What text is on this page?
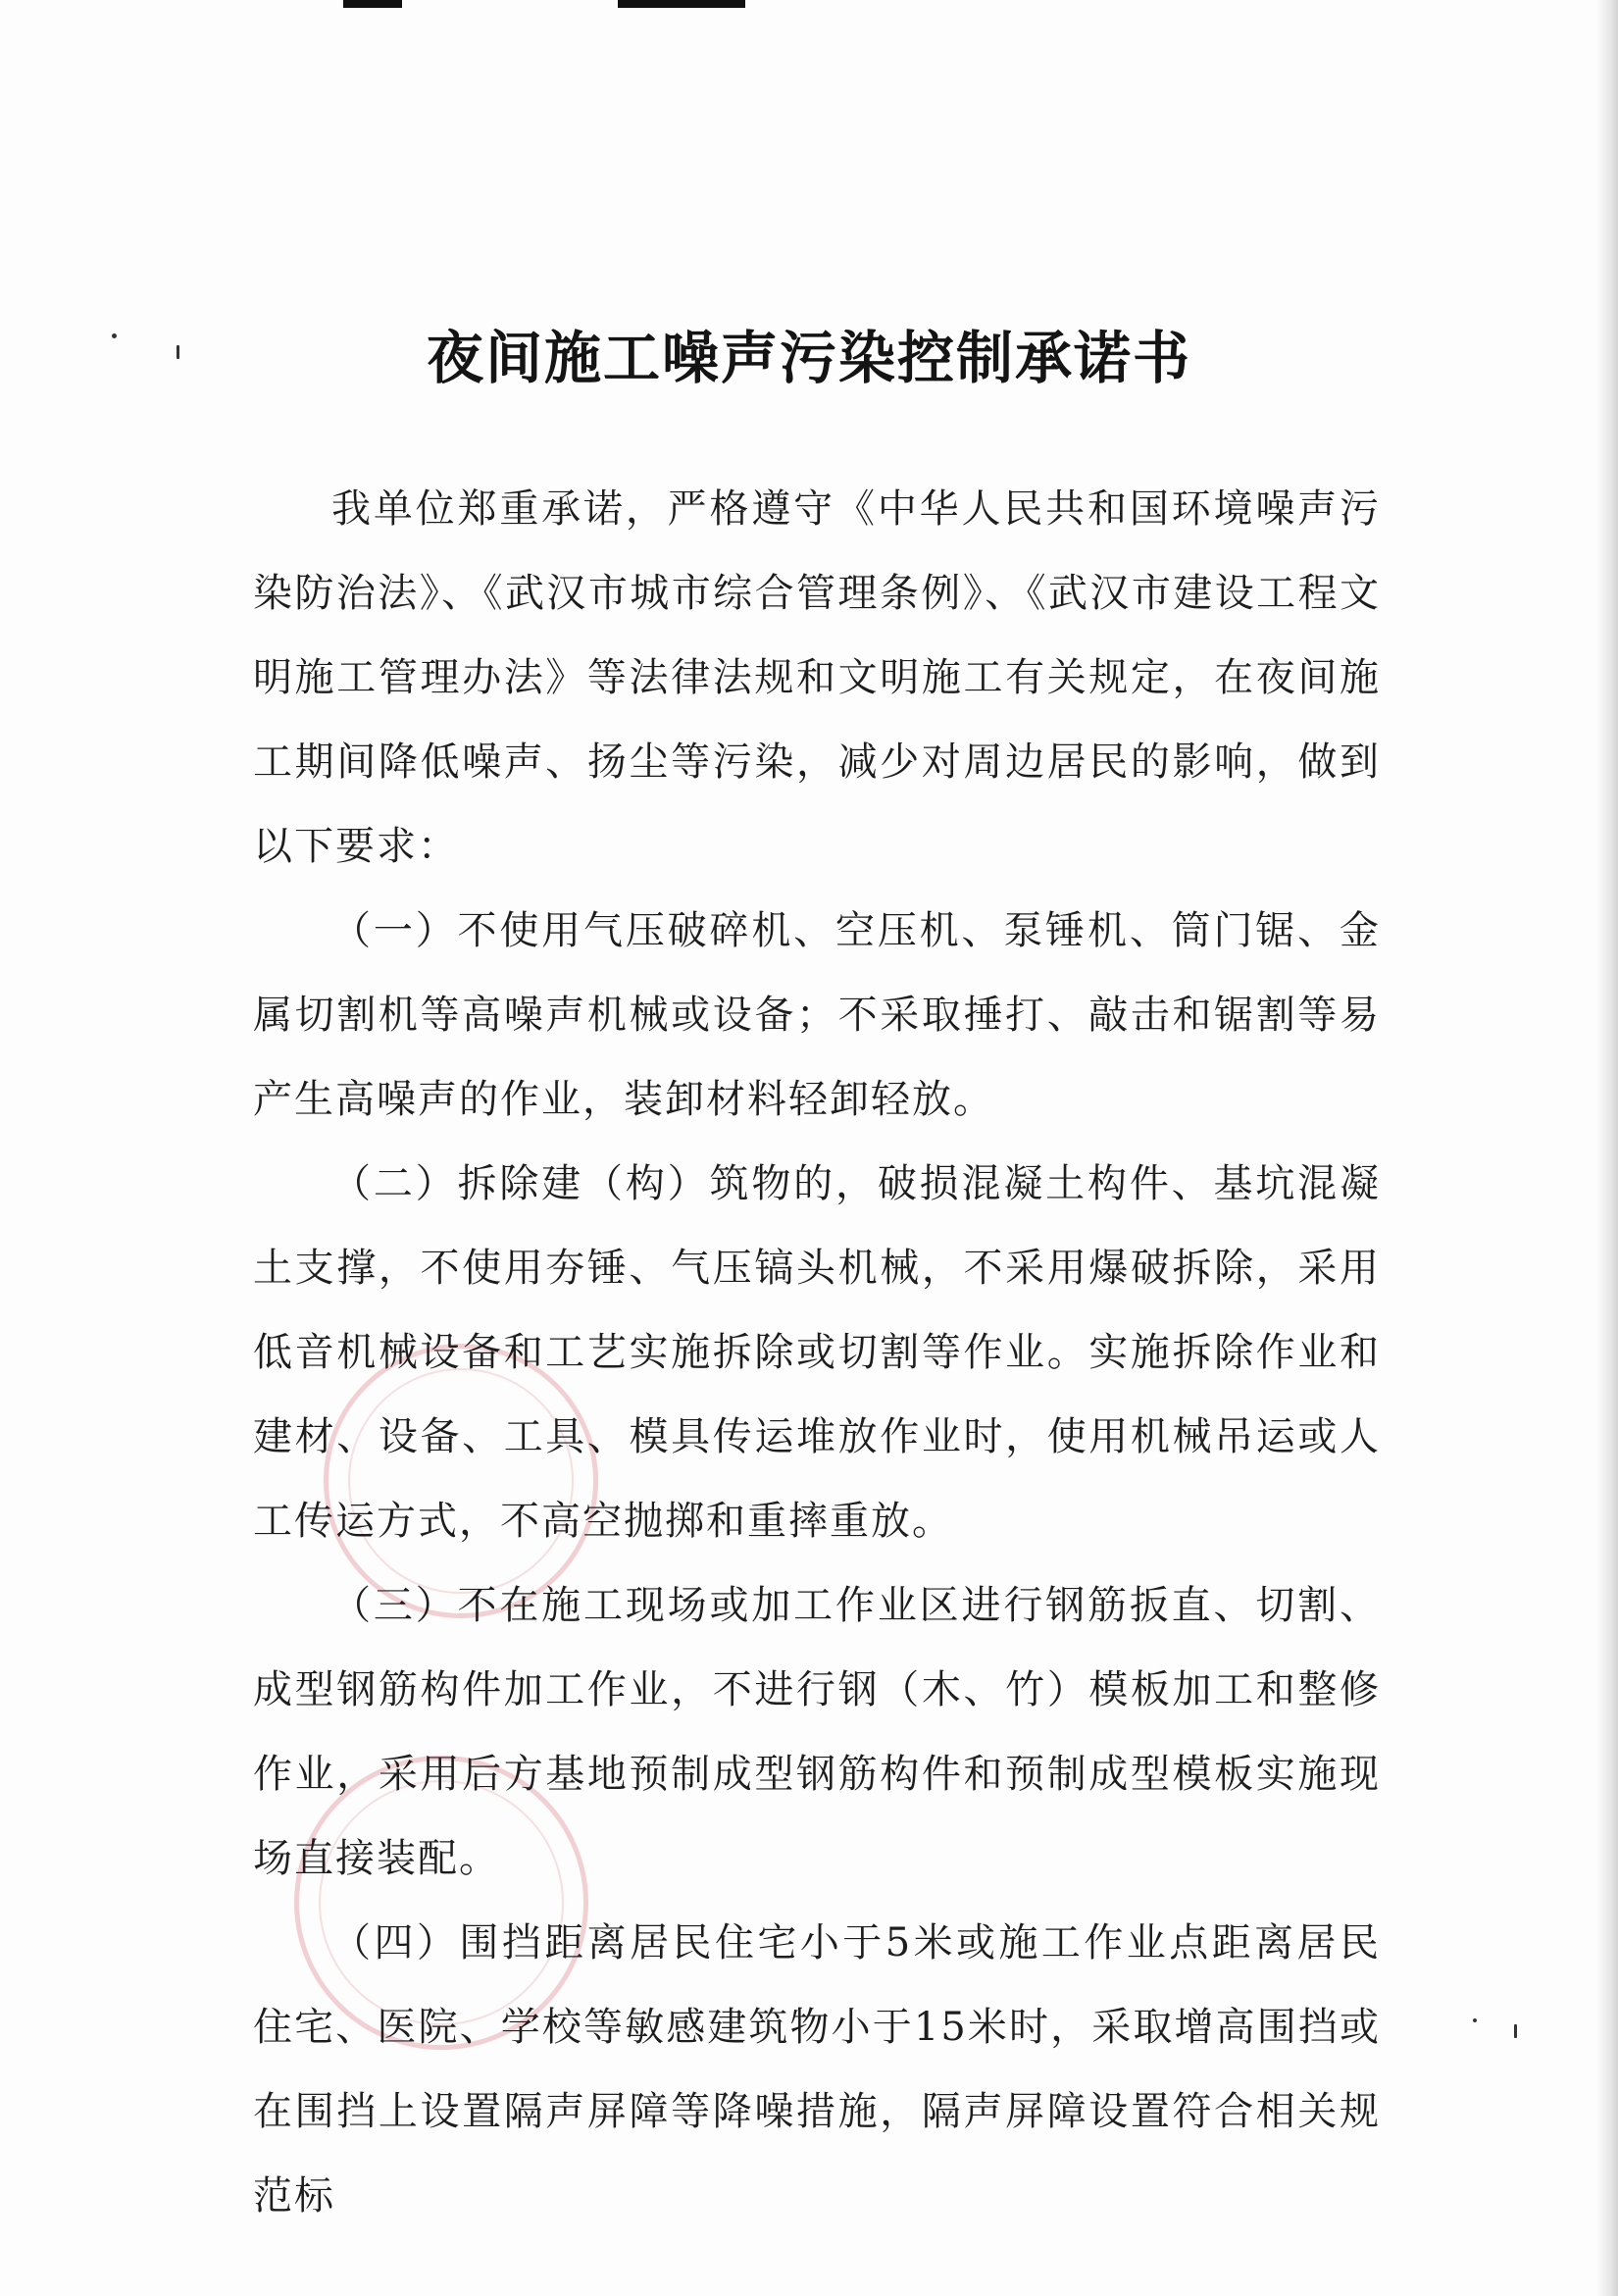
夜间施工噪声污染控制承诺书

我单位郑重承诺，严格遵守《中华人民共和国环境噪声污染防治法》、《武汉市城市综合管理条例》、《武汉市建设工程文明施工管理办法》等法律法规和文明施工有关规定，在夜间施工期间降低噪声、扬尘等污染，减少对周边居民的影响，做到以下要求：

（一）不使用气压破碎机、空压机、泵锤机、筒门锯、金属切割机等高噪声机械或设备；不采取捶打、敲击和锯割等易产生高噪声的作业，装卸材料轻卸轻放。

（二）拆除建（构）筑物的，破损混凝土构件、基坑混凝土支撑，不使用夯锤、气压镐头机械，不采用爆破拆除，采用低音机械设备和工艺实施拆除或切割等作业。实施拆除作业和建材、设备、工具、模具传运堆放作业时，使用机械吊运或人工传运方式，不高空抛掷和重摔重放。

（三）不在施工现场或加工作业区进行钢筋扳直、切割、成型钢筋构件加工作业，不进行钢（木、竹）模板加工和整修作业，采用后方基地预制成型钢筋构件和预制成型模板实施现场直接装配。

（四）围挡距离居民住宅小于5米或施工作业点距离居民住宅、医院、学校等敏感建筑物小于15米时，采取增高围挡或在围挡上设置隔声屏障等降噪措施，隔声屏障设置符合相关规范标
